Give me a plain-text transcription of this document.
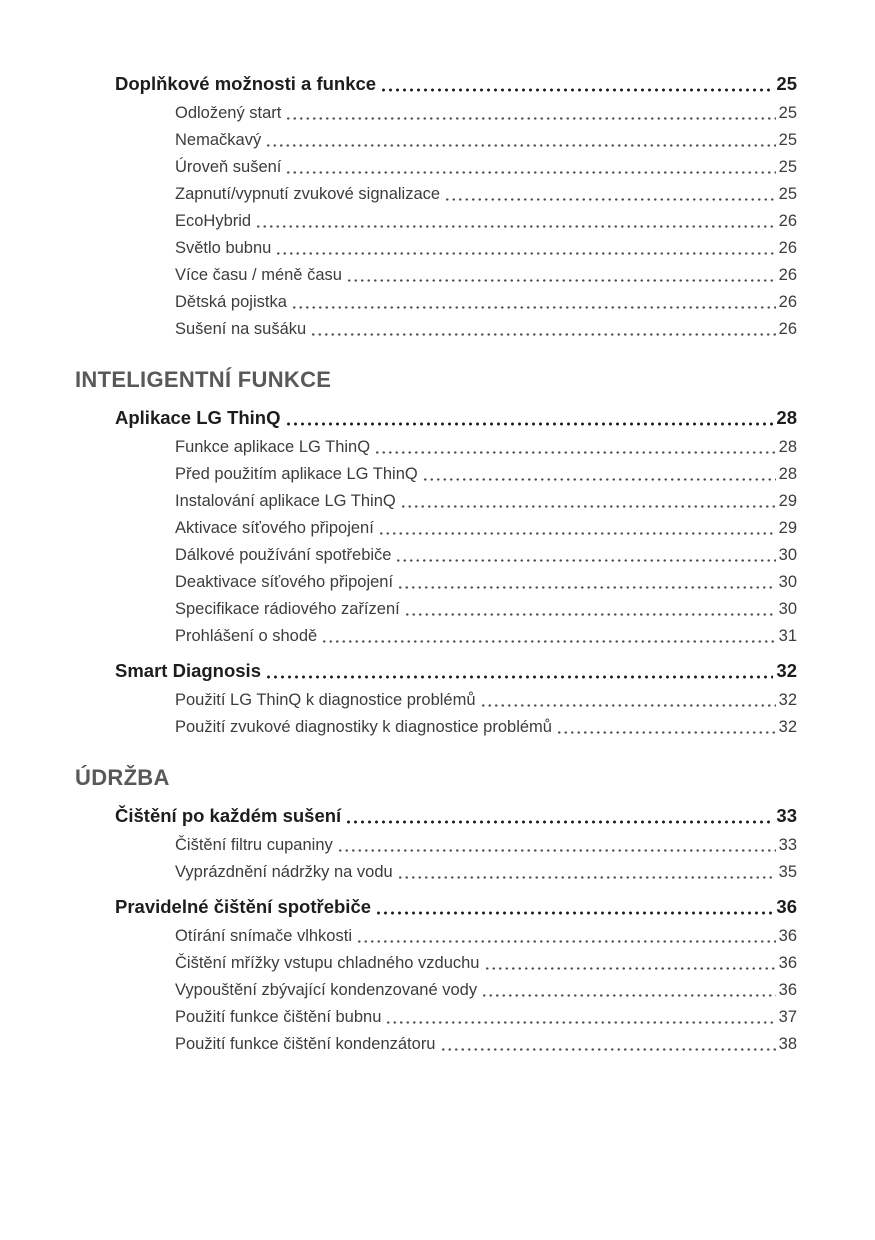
Doplňkové možnosti a funkce	25
Odložený start	25
Nemačkavý	25
Úroveň sušení	25
Zapnutí/vypnutí zvukové signalizace	25
EcoHybrid	26
Světlo bubnu	26
Více času / méně času	26
Dětská pojistka	26
Sušení na sušáku	26
INTELIGENTNÍ FUNKCE
Aplikace LG ThinQ	28
Funkce aplikace LG ThinQ	28
Před použitím aplikace LG ThinQ	28
Instalování aplikace LG ThinQ	29
Aktivace síťového připojení	29
Dálkové používání spotřebiče	30
Deaktivace síťového připojení	30
Specifikace rádiového zařízení	30
Prohlášení o shodě	31
Smart Diagnosis	32
Použití LG ThinQ k diagnostice problémů	32
Použití zvukové diagnostiky k diagnostice problémů	32
ÚDRŽBA
Čištění po každém sušení	33
Čištění filtru cupaniny	33
Vyprázdnění nádržky na vodu	35
Pravidelné čištění spotřebiče	36
Otírání snímače vlhkosti	36
Čištění mřížky vstupu chladného vzduchu	36
Vypouštění zbývající kondenzované vody	36
Použití funkce čištění bubnu	37
Použití funkce čištění kondenzátoru	38
